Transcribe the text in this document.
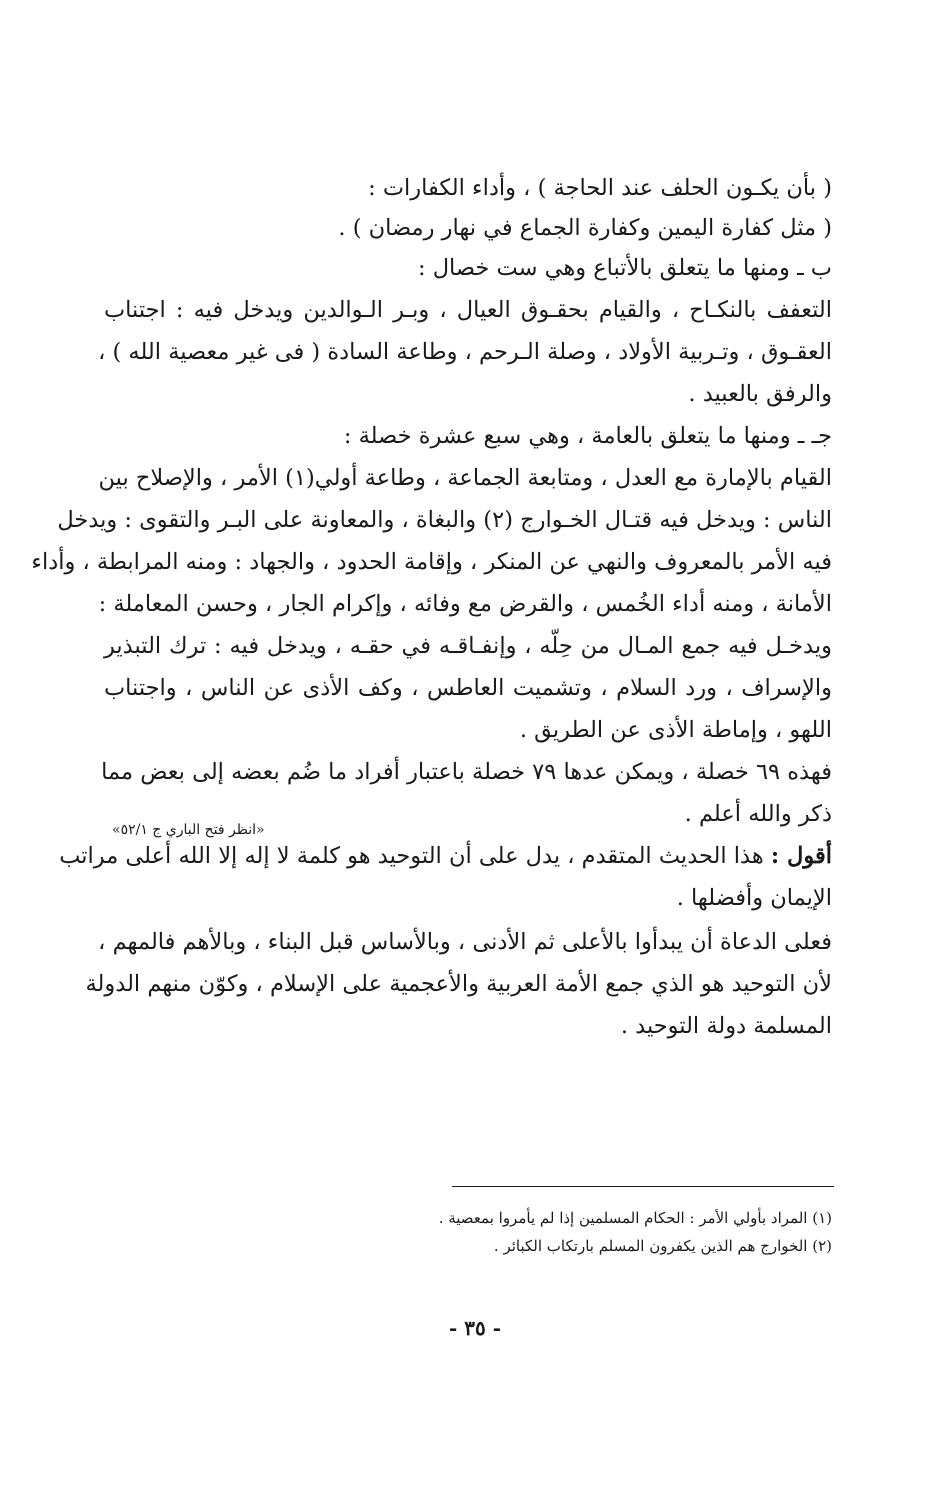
( بأن يكـون الحلف عند الحاجة ) ، وأداء الكفارات :
( مثل كفارة اليمين وكفارة الجماع في نهار رمضان ) .
ب ـ ومنها ما يتعلق بالأتباع وهي ست خصال :
التعفف بالنكـاح ، والقيام بحقـوق العيال ، وبـر الـوالدين ويدخل فيه : اجتناب
العقـوق ، وتـربية الأولاد ، وصلة الـرحم ، وطاعة السادة ( فى غير معصية الله ) ،
والرفق بالعبيد .
جـ ـ ومنها ما يتعلق بالعامة ، وهي سبع عشرة خصلة :
القيام بالإمارة مع العدل ، ومتابعة الجماعة ، وطاعة أولي(١) الأمر ، والإصلاح بين
الناس : ويدخل فيه قتـال الخـوارج (٢) والبغاة ، والمعاونة على البـر والتقوى : ويدخل
فيه الأمر بالمعروف والنهي عن المنكر ، وإقامة الحدود ، والجهاد : ومنه المرابطة ، وأداء
الأمانة ، ومنه أداء الخُمس ، والقرض مع وفائه ، وإكرام الجار ، وحسن المعاملة :
ويدخـل فيه جمع المـال من حِلّه ، وإنفـاقـه في حقـه ، ويدخل فيه : ترك التبذير
والإسراف ، ورد السلام ، وتشميت العاطس ، وكف الأذى عن الناس ، واجتناب
اللهو ، وإماطة الأذى عن الطريق .
فهذه ٦٩ خصلة ، ويمكن عدها ٧٩ خصلة باعتبار أفراد ما ضُم بعضه إلى بعض مما
ذكر والله أعلم .
«انظر فتح الباري ج ٥٢/١»
أقول : هذا الحديث المتقدم ، يدل على أن التوحيد هو كلمة لا إله إلا الله أعلى مراتب
الإيمان وأفضلها .
فعلى الدعاة أن يبدأوا بالأعلى ثم الأدنى ، وبالأساس قبل البناء ، وبالأهم فالمهم ،
لأن التوحيد هو الذي جمع الأمة العربية والأعجمية على الإسلام ، وكوّن منهم الدولة
المسلمة دولة التوحيد .
(١) المراد بأولي الأمر : الحكام المسلمين إذا لم يأمروا بمعصية .
(٢) الخوارج هم الذين يكفرون المسلم بارتكاب الكبائر .
- ٣٥ -
